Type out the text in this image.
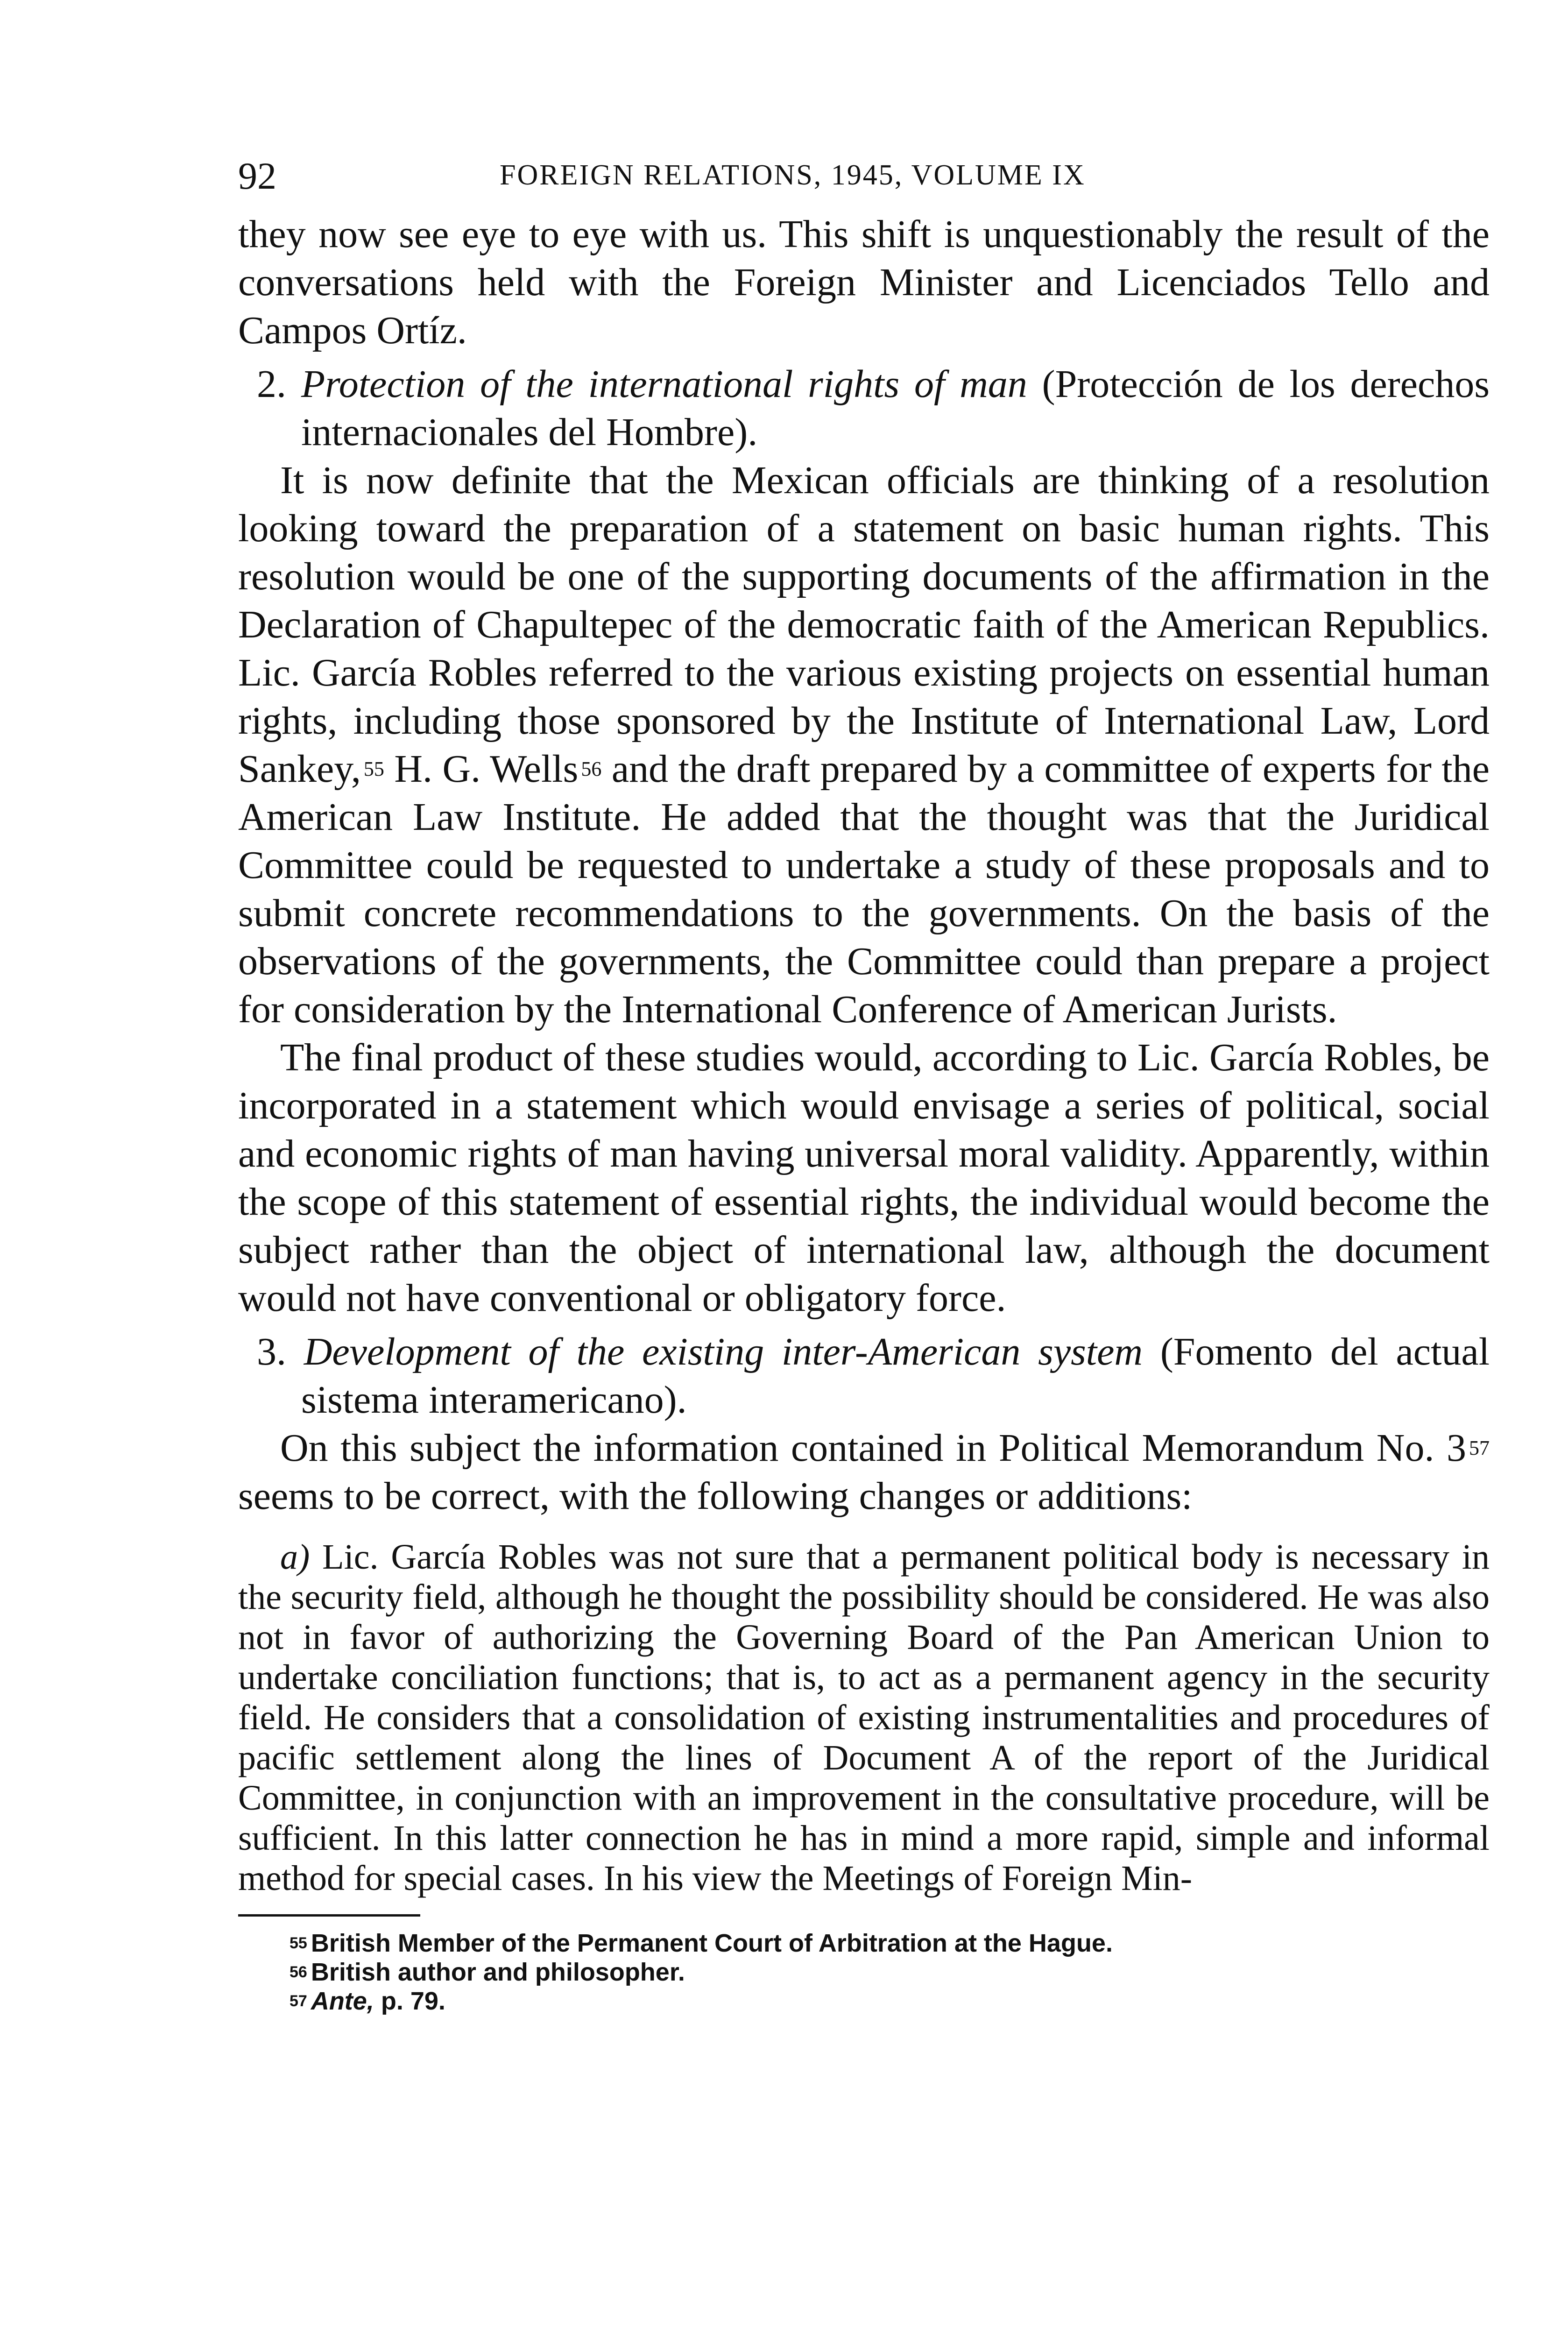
92	FOREIGN RELATIONS, 1945, VOLUME IX

they now see eye to eye with us. This shift is unquestionably the result of the conversations held with the Foreign Minister and Licenciados Tello and Campos Ortíz.

2. Protection of the international rights of man (Protección de los derechos internacionales del Hombre).

It is now definite that the Mexican officials are thinking of a resolution looking toward the preparation of a statement on basic human rights. This resolution would be one of the supporting documents of the affirmation in the Declaration of Chapultepec of the democratic faith of the American Republics. Lic. García Robles referred to the various existing projects on essential human rights, including those sponsored by the Institute of International Law, Lord Sankey, $^{55}$ H. G. Wells $^{56}$ and the draft prepared by a committee of experts for the American Law Institute. He added that the thought was that the Juridical Committee could be requested to undertake a study of these proposals and to submit concrete recommendations to the governments. On the basis of the observations of the governments, the Committee could than prepare a project for consideration by the International Conference of American Jurists.

The final product of these studies would, according to Lic. García Robles, be incorporated in a statement which would envisage a series of political, social and economic rights of man having universal moral validity. Apparently, within the scope of this statement of essential rights, the individual would become the subject rather than the object of international law, although the document would not have conventional or obligatory force.

3. Development of the existing inter-American system (Fomento del actual sistema interamericano).

On this subject the information contained in Political Memorandum No. 3 $^{57}$ seems to be correct, with the following changes or additions:

a) Lic. García Robles was not sure that a permanent political body is necessary in the security field, although he thought the possibility should be considered. He was also not in favor of authorizing the Governing Board of the Pan American Union to undertake conciliation functions; that is, to act as a permanent agency in the security field. He considers that a consolidation of existing instrumentalities and procedures of pacific settlement along the lines of Document A of the report of the Juridical Committee, in conjunction with an improvement in the consultative procedure, will be sufficient. In this latter connection he has in mind a more rapid, simple and informal method for special cases. In his view the Meetings of Foreign Min-

$^{55}$ British Member of the Permanent Court of Arbitration at the Hague.
$^{56}$ British author and philosopher.
$^{57}$ Ante, p. 79.
